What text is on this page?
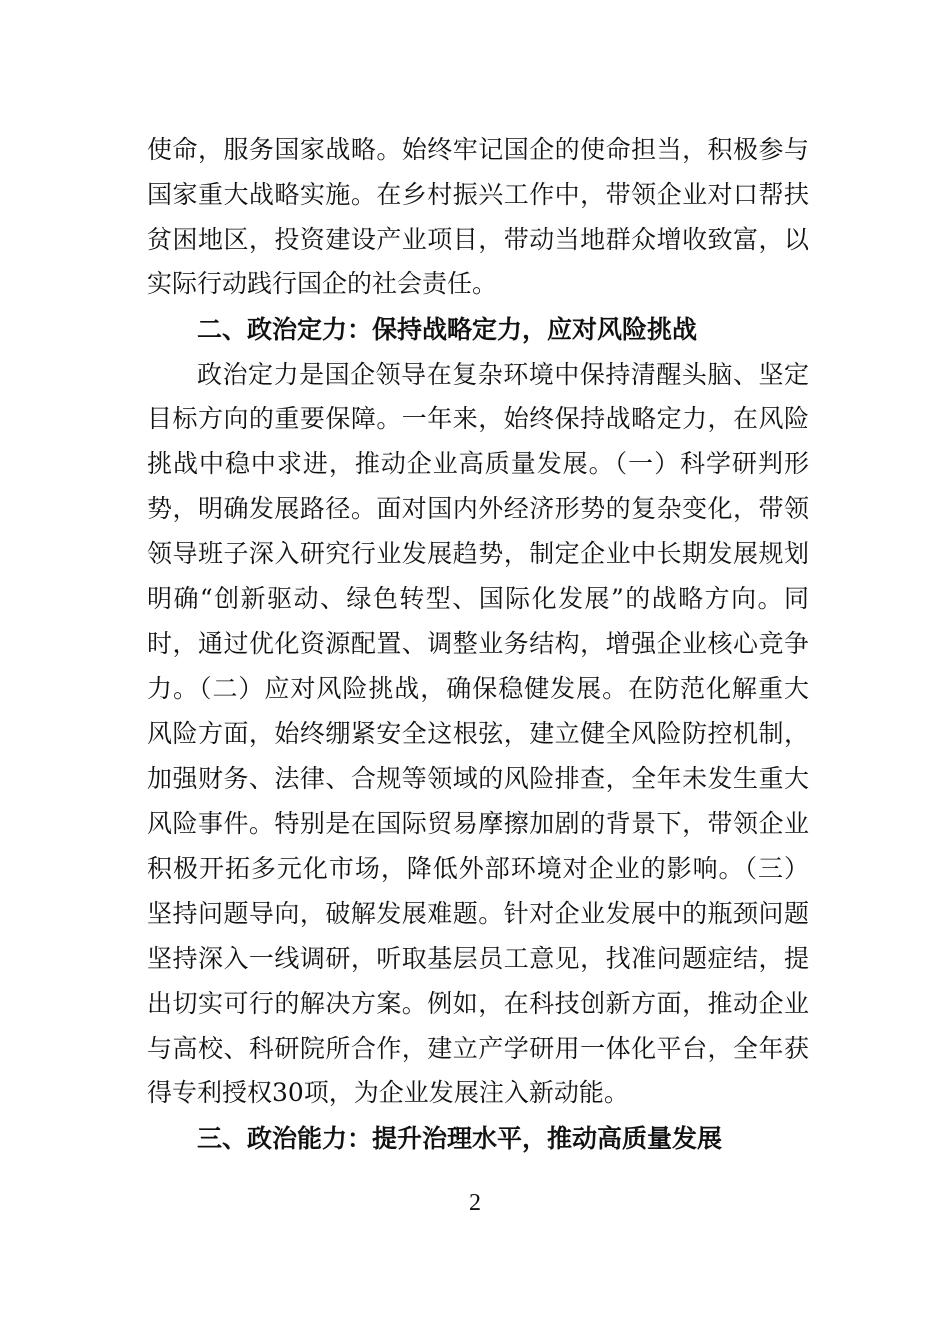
使命，服务国家战略。始终牢记国企的使命担当，积极参与
国家重大战略实施。在乡村振兴工作中，带领企业对口帮扶
贫困地区，投资建设产业项目，带动当地群众增收致富，以
实际行动践行国企的社会责任。
二、政治定力：保持战略定力，应对风险挑战
政治定力是国企领导在复杂环境中保持清醒头脑、坚定
目标方向的重要保障。一年来，始终保持战略定力，在风险
挑战中稳中求进，推动企业高质量发展。（一）科学研判形
势，明确发展路径。面对国内外经济形势的复杂变化，带领
领导班子深入研究行业发展趋势，制定企业中长期发展规划
明确“创新驱动、绿色转型、国际化发展”的战略方向。同
时，通过优化资源配置、调整业务结构，增强企业核心竞争
力。（二）应对风险挑战，确保稳健发展。在防范化解重大
风险方面，始终绷紧安全这根弦，建立健全风险防控机制，
加强财务、法律、合规等领域的风险排查，全年未发生重大
风险事件。特别是在国际贸易摩擦加剧的背景下，带领企业
积极开拓多元化市场，降低外部环境对企业的影响。（三）
坚持问题导向，破解发展难题。针对企业发展中的瓶颈问题
坚持深入一线调研，听取基层员工意见，找准问题症结，提
出切实可行的解决方案。例如，在科技创新方面，推动企业
与高校、科研院所合作，建立产学研用一体化平台，全年获
得专利授权30项，为企业发展注入新动能。
三、政治能力：提升治理水平，推动高质量发展
2
